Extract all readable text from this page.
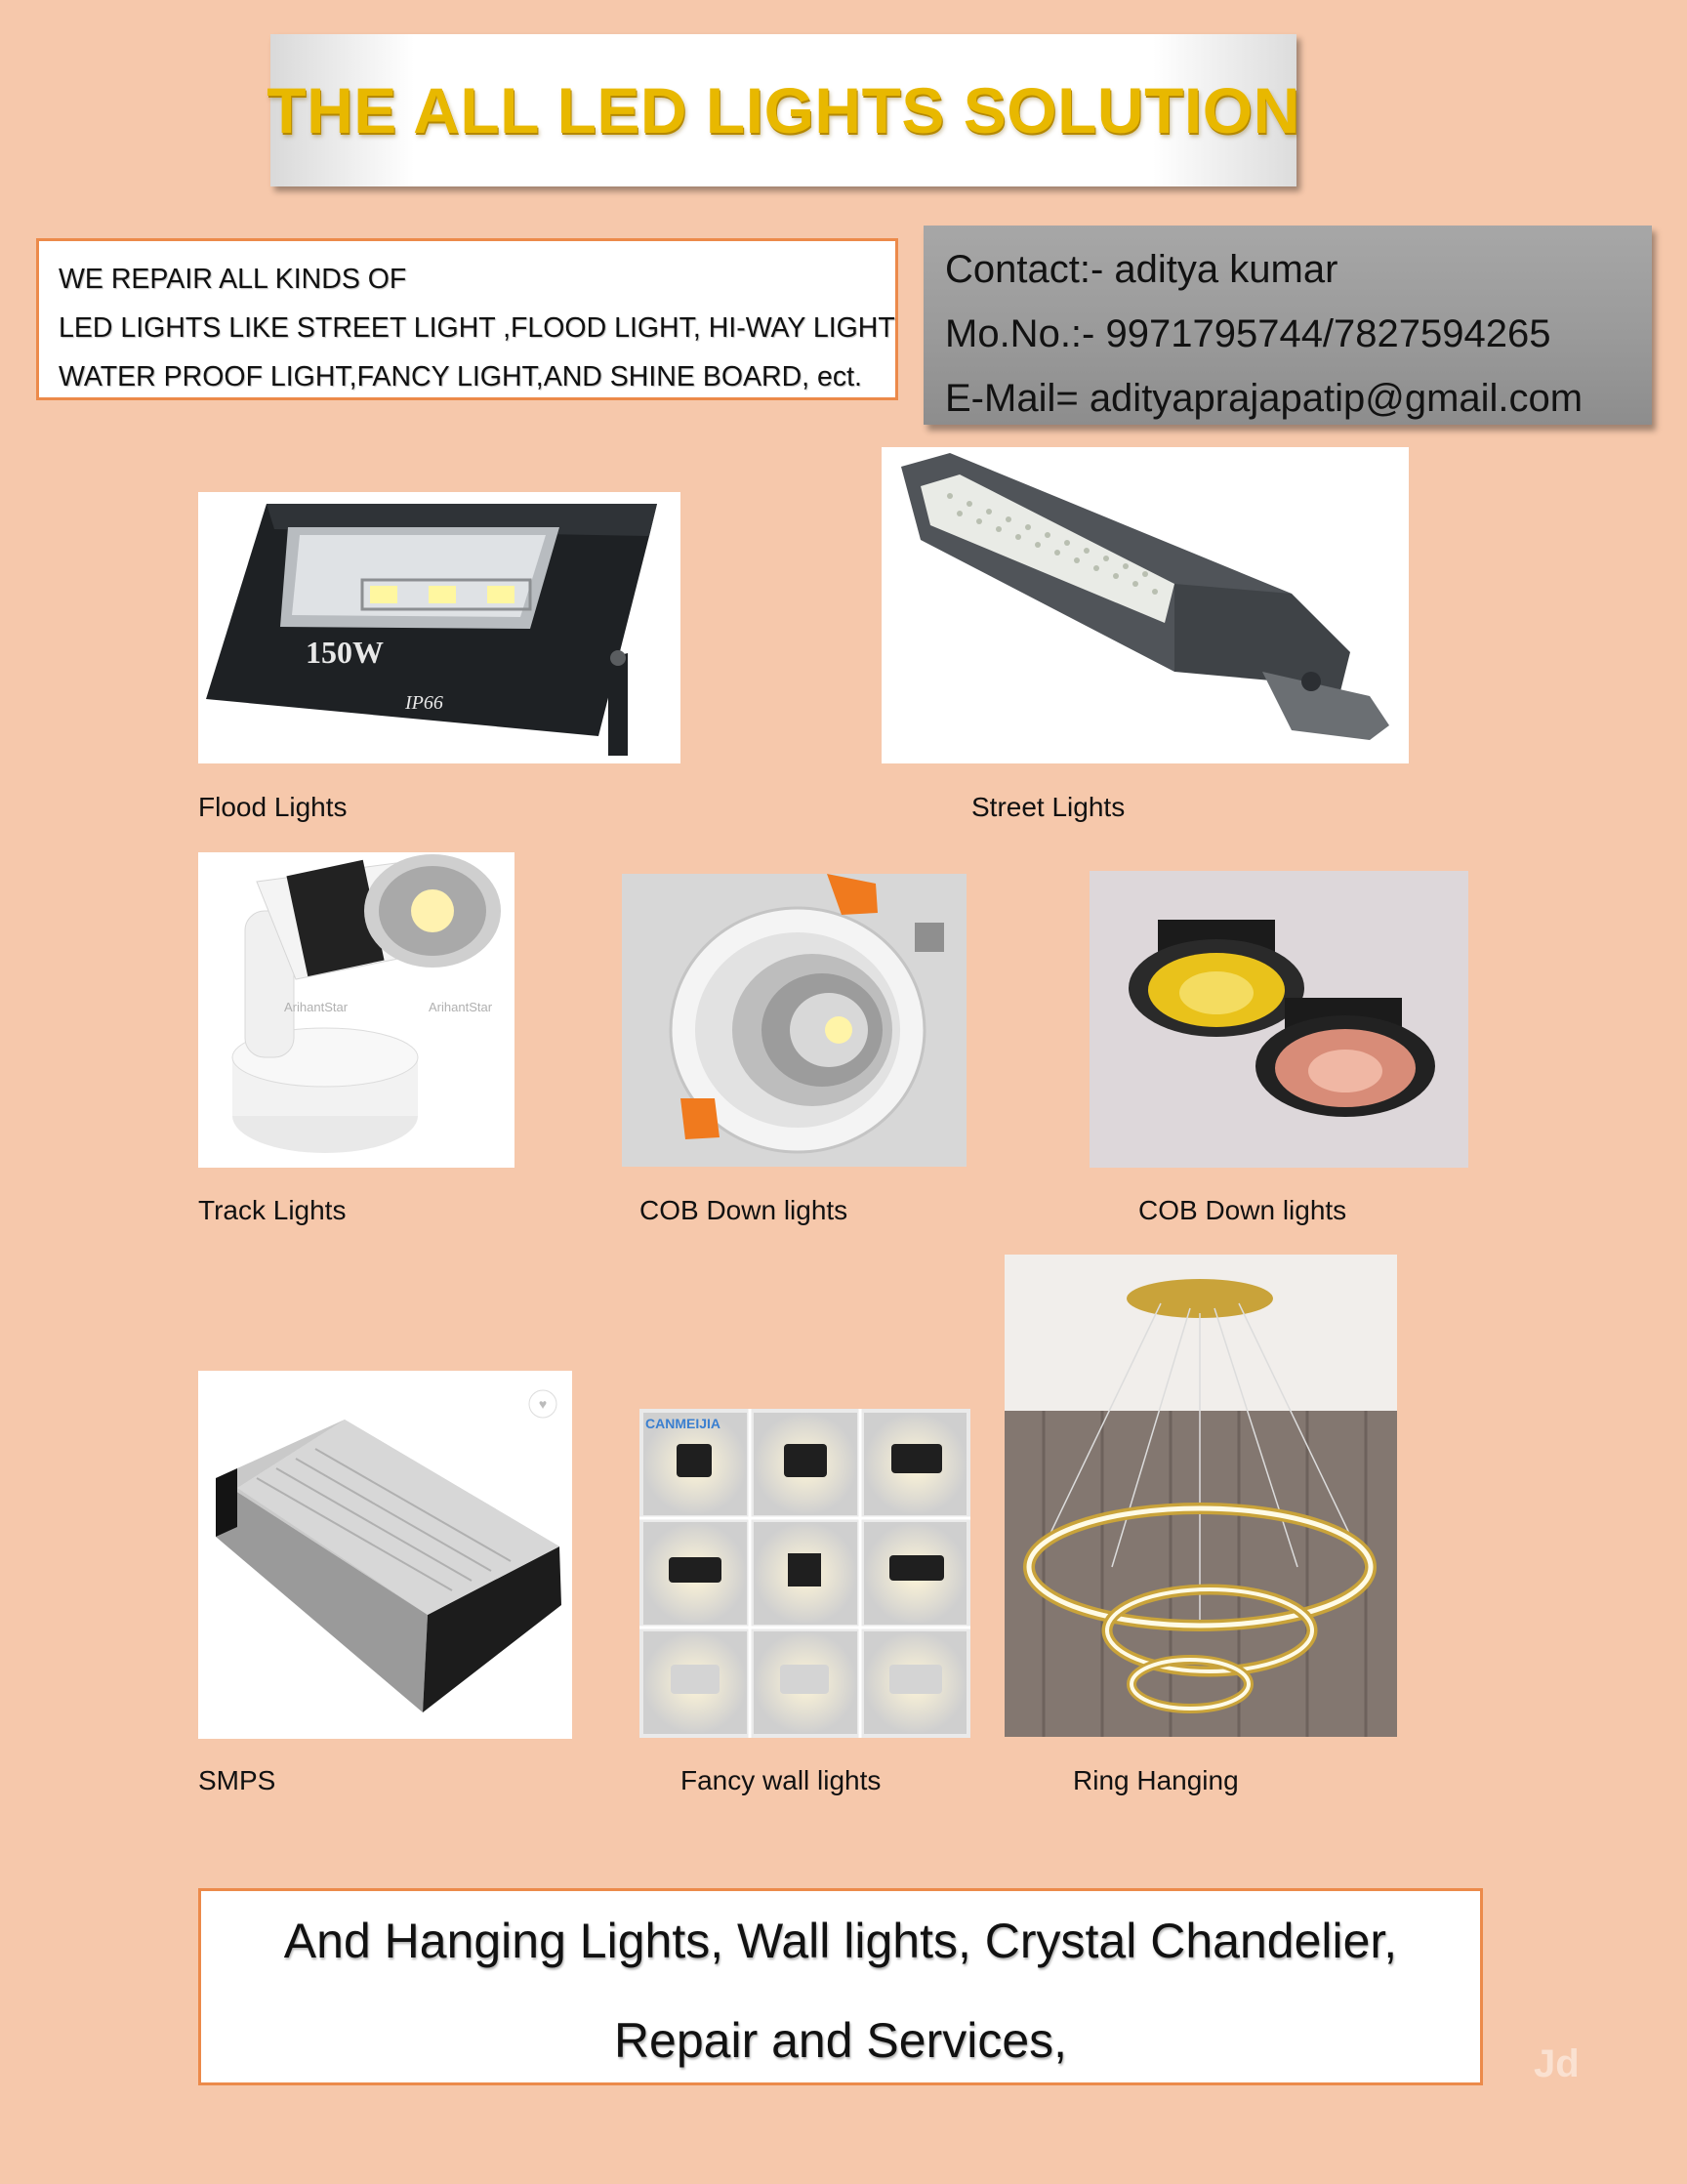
THE ALL LED LIGHTS SOLUTION
WE REPAIR ALL KINDS OF
LED LIGHTS LIKE STREET LIGHT ,FLOOD LIGHT, HI-WAY LIGHT
WATER PROOF LIGHT,FANCY LIGHT,AND SHINE BOARD, ect.
Contact:- aditya kumar
Mo.No.:- 9971795744/7827594265
E-Mail= adityaprajapatip@gmail.com
150W
IP66
Flood Lights	Street Lights
ArihantStar	ArihantStar
Track Lights	COB Down lights	COB Down lights
♥
SMPS
CANMEIJIA
Fancy wall lights	Ring Hanging
And Hanging Lights, Wall lights, Crystal Chandelier,
Repair and Services,	Jd
